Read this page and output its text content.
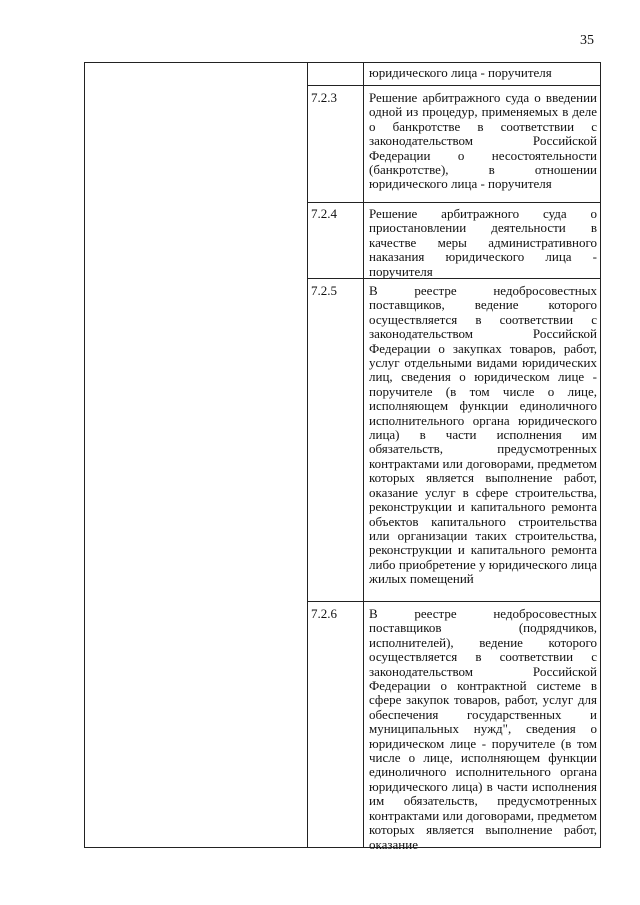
35
юридического лица - поручителя
7.2.3 Решение арбитражного суда о введении одной из процедур, применяемых в деле о банкротстве в соответствии с законодательством Российской Федерации о несостоятельности (банкротстве), в отношении юридического лица - поручителя
7.2.4 Решение арбитражного суда о приостановлении деятельности в качестве меры административного наказания юридического лица - поручителя
7.2.5 В реестре недобросовестных поставщиков, ведение которого осуществляется в соответствии с законодательством Российской Федерации о закупках товаров, работ, услуг отдельными видами юридических лиц, сведения о юридическом лице - поручителе (в том числе о лице, исполняющем функции единоличного исполнительного органа юридического лица) в части исполнения им обязательств, предусмотренных контрактами или договорами, предметом которых является выполнение работ, оказание услуг в сфере строительства, реконструкции и капитального ремонта объектов капитального строительства или организации таких строительства, реконструкции и капитального ремонта либо приобретение у юридического лица жилых помещений
7.2.6 В реестре недобросовестных поставщиков (подрядчиков, исполнителей), ведение которого осуществляется в соответствии с законодательством Российской Федерации о контрактной системе в сфере закупок товаров, работ, услуг для обеспечения государственных и муниципальных нужд", сведения о юридическом лице - поручителе (в том числе о лице, исполняющем функции единоличного исполнительного органа юридического лица) в части исполнения им обязательств, предусмотренных контрактами или договорами, предметом которых является выполнение работ, оказание
